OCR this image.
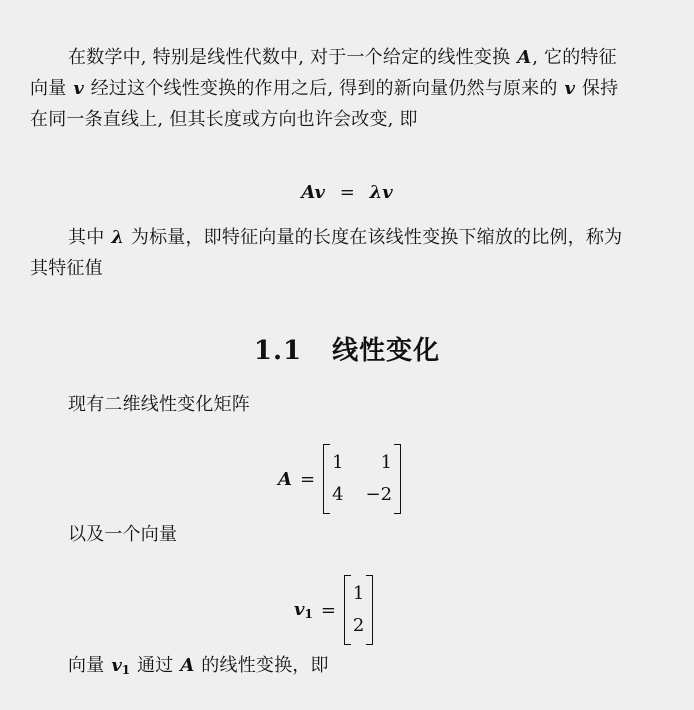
在数学中, 特别是线性代数中, 对于一个给定的线性变换 A, 它的特征
向量 v 经过这个线性变换的作用之后, 得到的新向量仍然与原来的 v 保持
在同一条直线上, 但其长度或方向也许会改变, 即
Av = λv
其中 λ 为标量，即特征向量的长度在该线性变换下缩放的比例，称为
其特征值
1.1 线性变化
现有二维线性变化矩阵
A =
1	1
4 −2
以及一个向量
$v_1$ =
1
2
向量 $v_1$ 通过 A 的线性变换，即
